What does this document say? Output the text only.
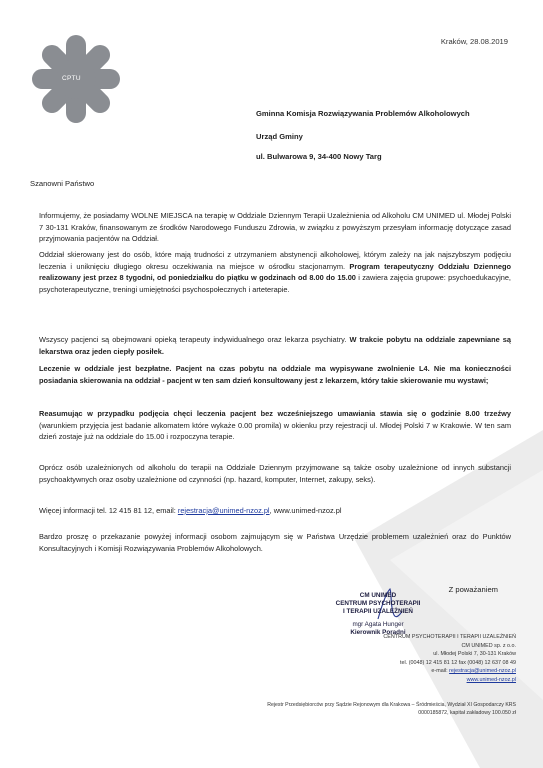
CPTU
Kraków, 28.08.2019
Gminna Komisja Rozwiązywania Problemów Alkoholowych
Urząd Gminy
ul. Bulwarowa 9, 34-400 Nowy Targ
Szanowni Państwo
Informujemy, że posiadamy WOLNE MIEJSCA na terapię w Oddziale Dziennym Terapii Uzależnienia od Alkoholu CM UNIMED ul. Młodej Polski 7 30-131 Kraków, finansowanym ze środków Narodowego Funduszu Zdrowia, w związku z powyższym przesyłam informację dotyczące zasad przyjmowania pacjentów na Oddział.
Oddział skierowany jest do osób, które mają trudności z utrzymaniem abstynencji alkoholowej, którym zależy na jak najszybszym podjęciu leczenia i uniknięciu długiego okresu oczekiwania na miejsce w ośrodku stacjonarnym. Program terapeutyczny Oddziału Dziennego realizowany jest przez 8 tygodni, od poniedziałku do piątku w godzinach od 8.00 do 15.00 i zawiera zajęcia grupowe: psychoedukacyjne, psychoterapeutyczne, treningi umiejętności psychospołecznych i arteterapie.
Wszyscy pacjenci są obejmowani opieką terapeuty indywidualnego oraz lekarza psychiatry. W trakcie pobytu na oddziale zapewniane są lekarstwa oraz jeden ciepły posiłek.
Leczenie w oddziale jest bezpłatne. Pacjent na czas pobytu na oddziale ma wypisywane zwolnienie L4. Nie ma konieczności posiadania skierowania na oddział - pacjent w ten sam dzień konsultowany jest z lekarzem, który takie skierowanie mu wystawi;
Reasumując w przypadku podjęcia chęci leczenia pacjent bez wcześniejszego umawiania stawia się o godzinie 8.00 trzeźwy (warunkiem przyjęcia jest badanie alkomatem które wykaże 0.00 promila) w okienku przy rejestracji ul. Młodej Polski 7 w Krakowie. W ten sam dzień zostaje już na oddziale do 15.00 i rozpoczyna terapie.
Oprócz osób uzależnionych od alkoholu do terapii na Oddziale Dziennym przyjmowane są także osoby uzależnione od innych substancji psychoaktywnych oraz osoby uzależnione od czynności (np. hazard, komputer, Internet, zakupy, seks).
Więcej informacji tel. 12 415 81 12, email: rejestracja@unimed-nzoz.pl, www.unimed-nzoz.pl
Bardzo proszę o przekazanie powyżej informacji osobom zajmującym się w Państwa Urzędzie problemem uzależnień oraz do Punktów Konsultacyjnych i Komisji Rozwiązywania Problemów Alkoholowych.
Z poważaniem
CM UNIMED
CENTRUM PSYCHOTERAPII
I TERAPII UZALEŻNIEŃ
mgr Agata Hunger
Kierownik Poradni
CENTRUM PSYCHOTERAPII I TERAPII UZALEŻNIEŃ
CM UNIMED sp. z o.o.
ul. Młodej Polski 7, 30-131 Kraków
tel. (0048) 12 415 81 12 fax (0048) 12 637 08 49
e-mail: rejestracja@unimed-nzoz.pl
www.unimed-nzoz.pl
Rejestr Przedsiębiorców przy Sądzie Rejonowym dla Krakowa – Śródmieścia, Wydział XI Gospodarczy KRS
0000185872, kapitał zakładowy 100.050 zł
